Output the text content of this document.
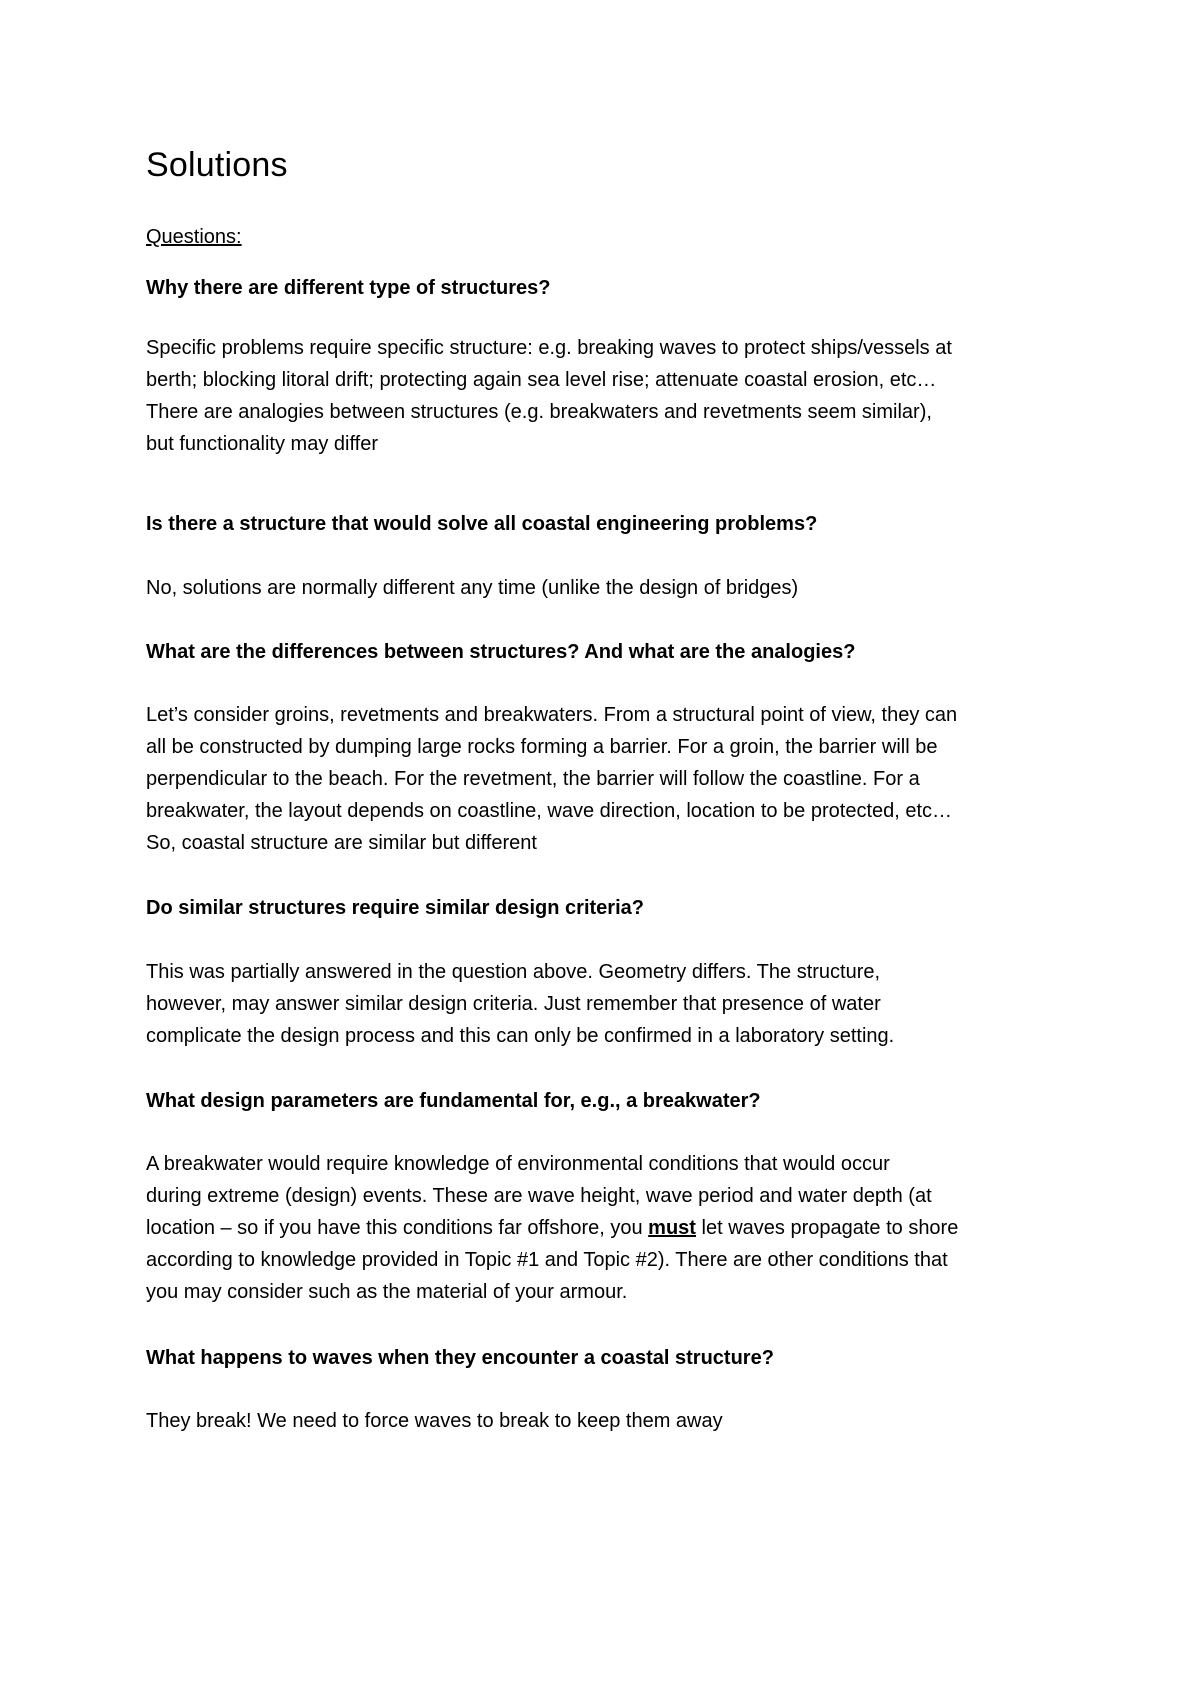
Solutions

Questions:

Why there are different type of structures?

Specific problems require specific structure: e.g. breaking waves to protect ships/vessels at
berth; blocking litoral drift; protecting again sea level rise; attenuate coastal erosion, etc…
There are analogies between structures (e.g. breakwaters and revetments seem similar),
but functionality may differ

Is there a structure that would solve all coastal engineering problems?

No, solutions are normally different any time (unlike the design of bridges)

What are the differences between structures? And what are the analogies?

Let’s consider groins, revetments and breakwaters. From a structural point of view, they can
all be constructed by dumping large rocks forming a barrier. For a groin, the barrier will be
perpendicular to the beach. For the revetment, the barrier will follow the coastline. For a
breakwater, the layout depends on coastline, wave direction, location to be protected, etc…
So, coastal structure are similar but different

Do similar structures require similar design criteria?

This was partially answered in the question above. Geometry differs. The structure,
however, may answer similar design criteria. Just remember that presence of water
complicate the design process and this can only be confirmed in a laboratory setting.

What design parameters are fundamental for, e.g., a breakwater?

A breakwater would require knowledge of environmental conditions that would occur
during extreme (design) events. These are wave height, wave period and water depth (at
location – so if you have this conditions far offshore, you must let waves propagate to shore
according to knowledge provided in Topic #1 and Topic #2). There are other conditions that
you may consider such as the material of your armour.

What happens to waves when they encounter a coastal structure?

They break! We need to force waves to break to keep them away
